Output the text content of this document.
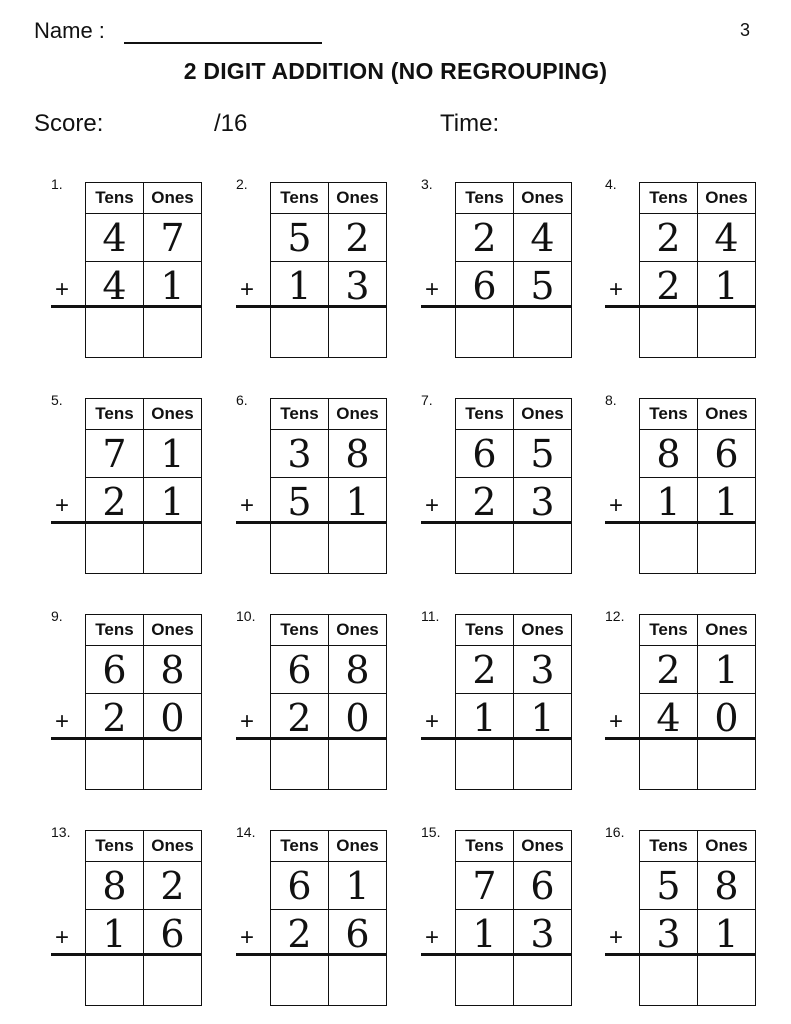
Name :	3
2 DIGIT ADDITION (NO REGROUPING)
Score:	/16	Time:
1.
Tens	Ones
4 7
4 1
+
2.
Tens	Ones
5 2
1 3
+
3.
Tens	Ones
2 4
6 5
+
4.
Tens	Ones
2 4
2 1
+
5.
Tens	Ones
7 1
2 1
+
6.
Tens	Ones
3 8
5 1
+
7.
Tens	Ones
6 5
2 3
+
8.
Tens	Ones
8 6
1 1
+
9.
Tens	Ones
6 8
2 0
+
10.
Tens	Ones
6 8
2 0
+
11.
Tens	Ones
2 3
1 1
+
12.
Tens	Ones
2 1
4 0
+
13.
Tens	Ones
8 2
1 6
+
14.
Tens	Ones
6 1
2 6
+
15.
Tens	Ones
7 6
1 3
+
16.
Tens	Ones
5 8
3 1
+
